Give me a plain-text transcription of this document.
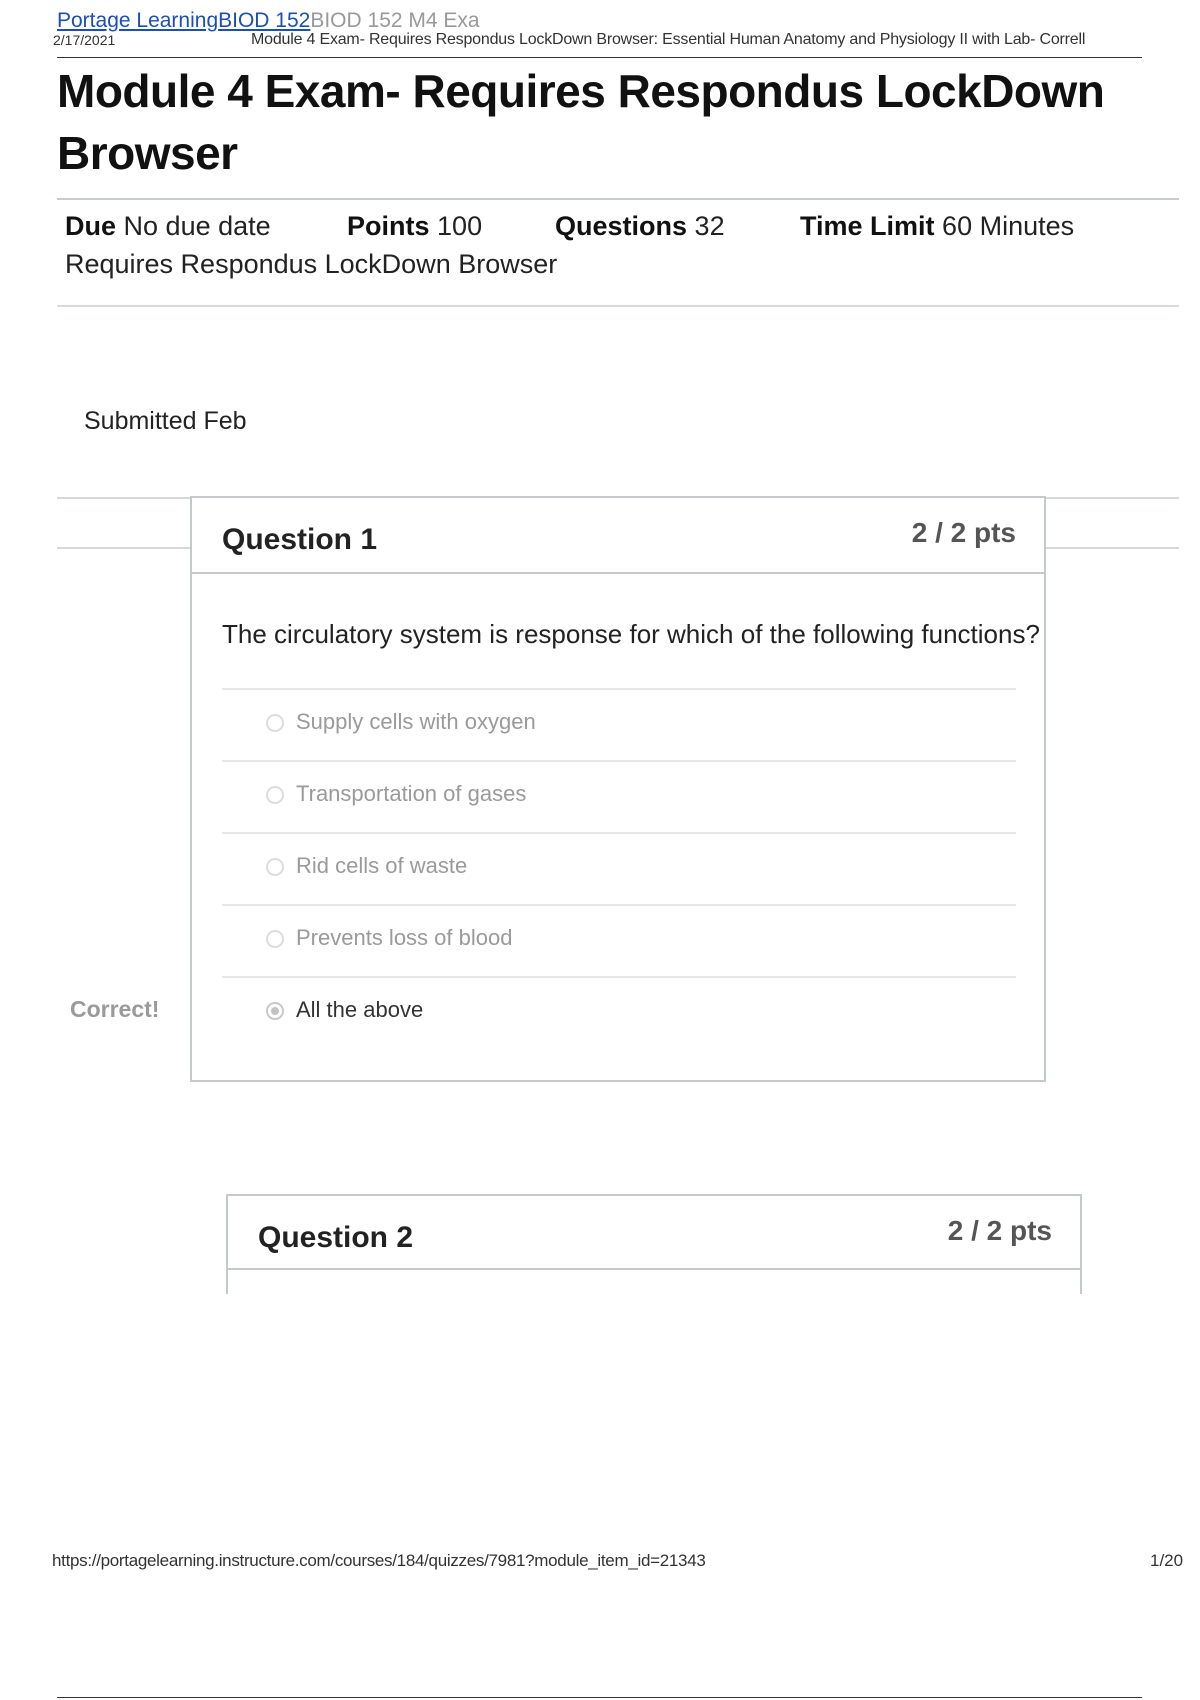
Portage LearningBIOD 152BIOD 152 M4 Exa
2/17/2021	Module 4 Exam- Requires Respondus LockDown Browser: Essential Human Anatomy and Physiology II with Lab- Correll
Module 4 Exam- Requires Respondus LockDown Browser
Due No due date	Points 100	Questions 32	Time Limit 60 Minutes
Requires Respondus LockDown Browser
Submitted Feb
Question 1	2 / 2 pts
The circulatory system is response for which of the following functions?
Supply cells with oxygen
Transportation of gases
Rid cells of waste
Prevents loss of blood
All the above
Correct!
Question 2	2 / 2 pts
https://portagelearning.instructure.com/courses/184/quizzes/7981?module_item_id=21343	1/20
